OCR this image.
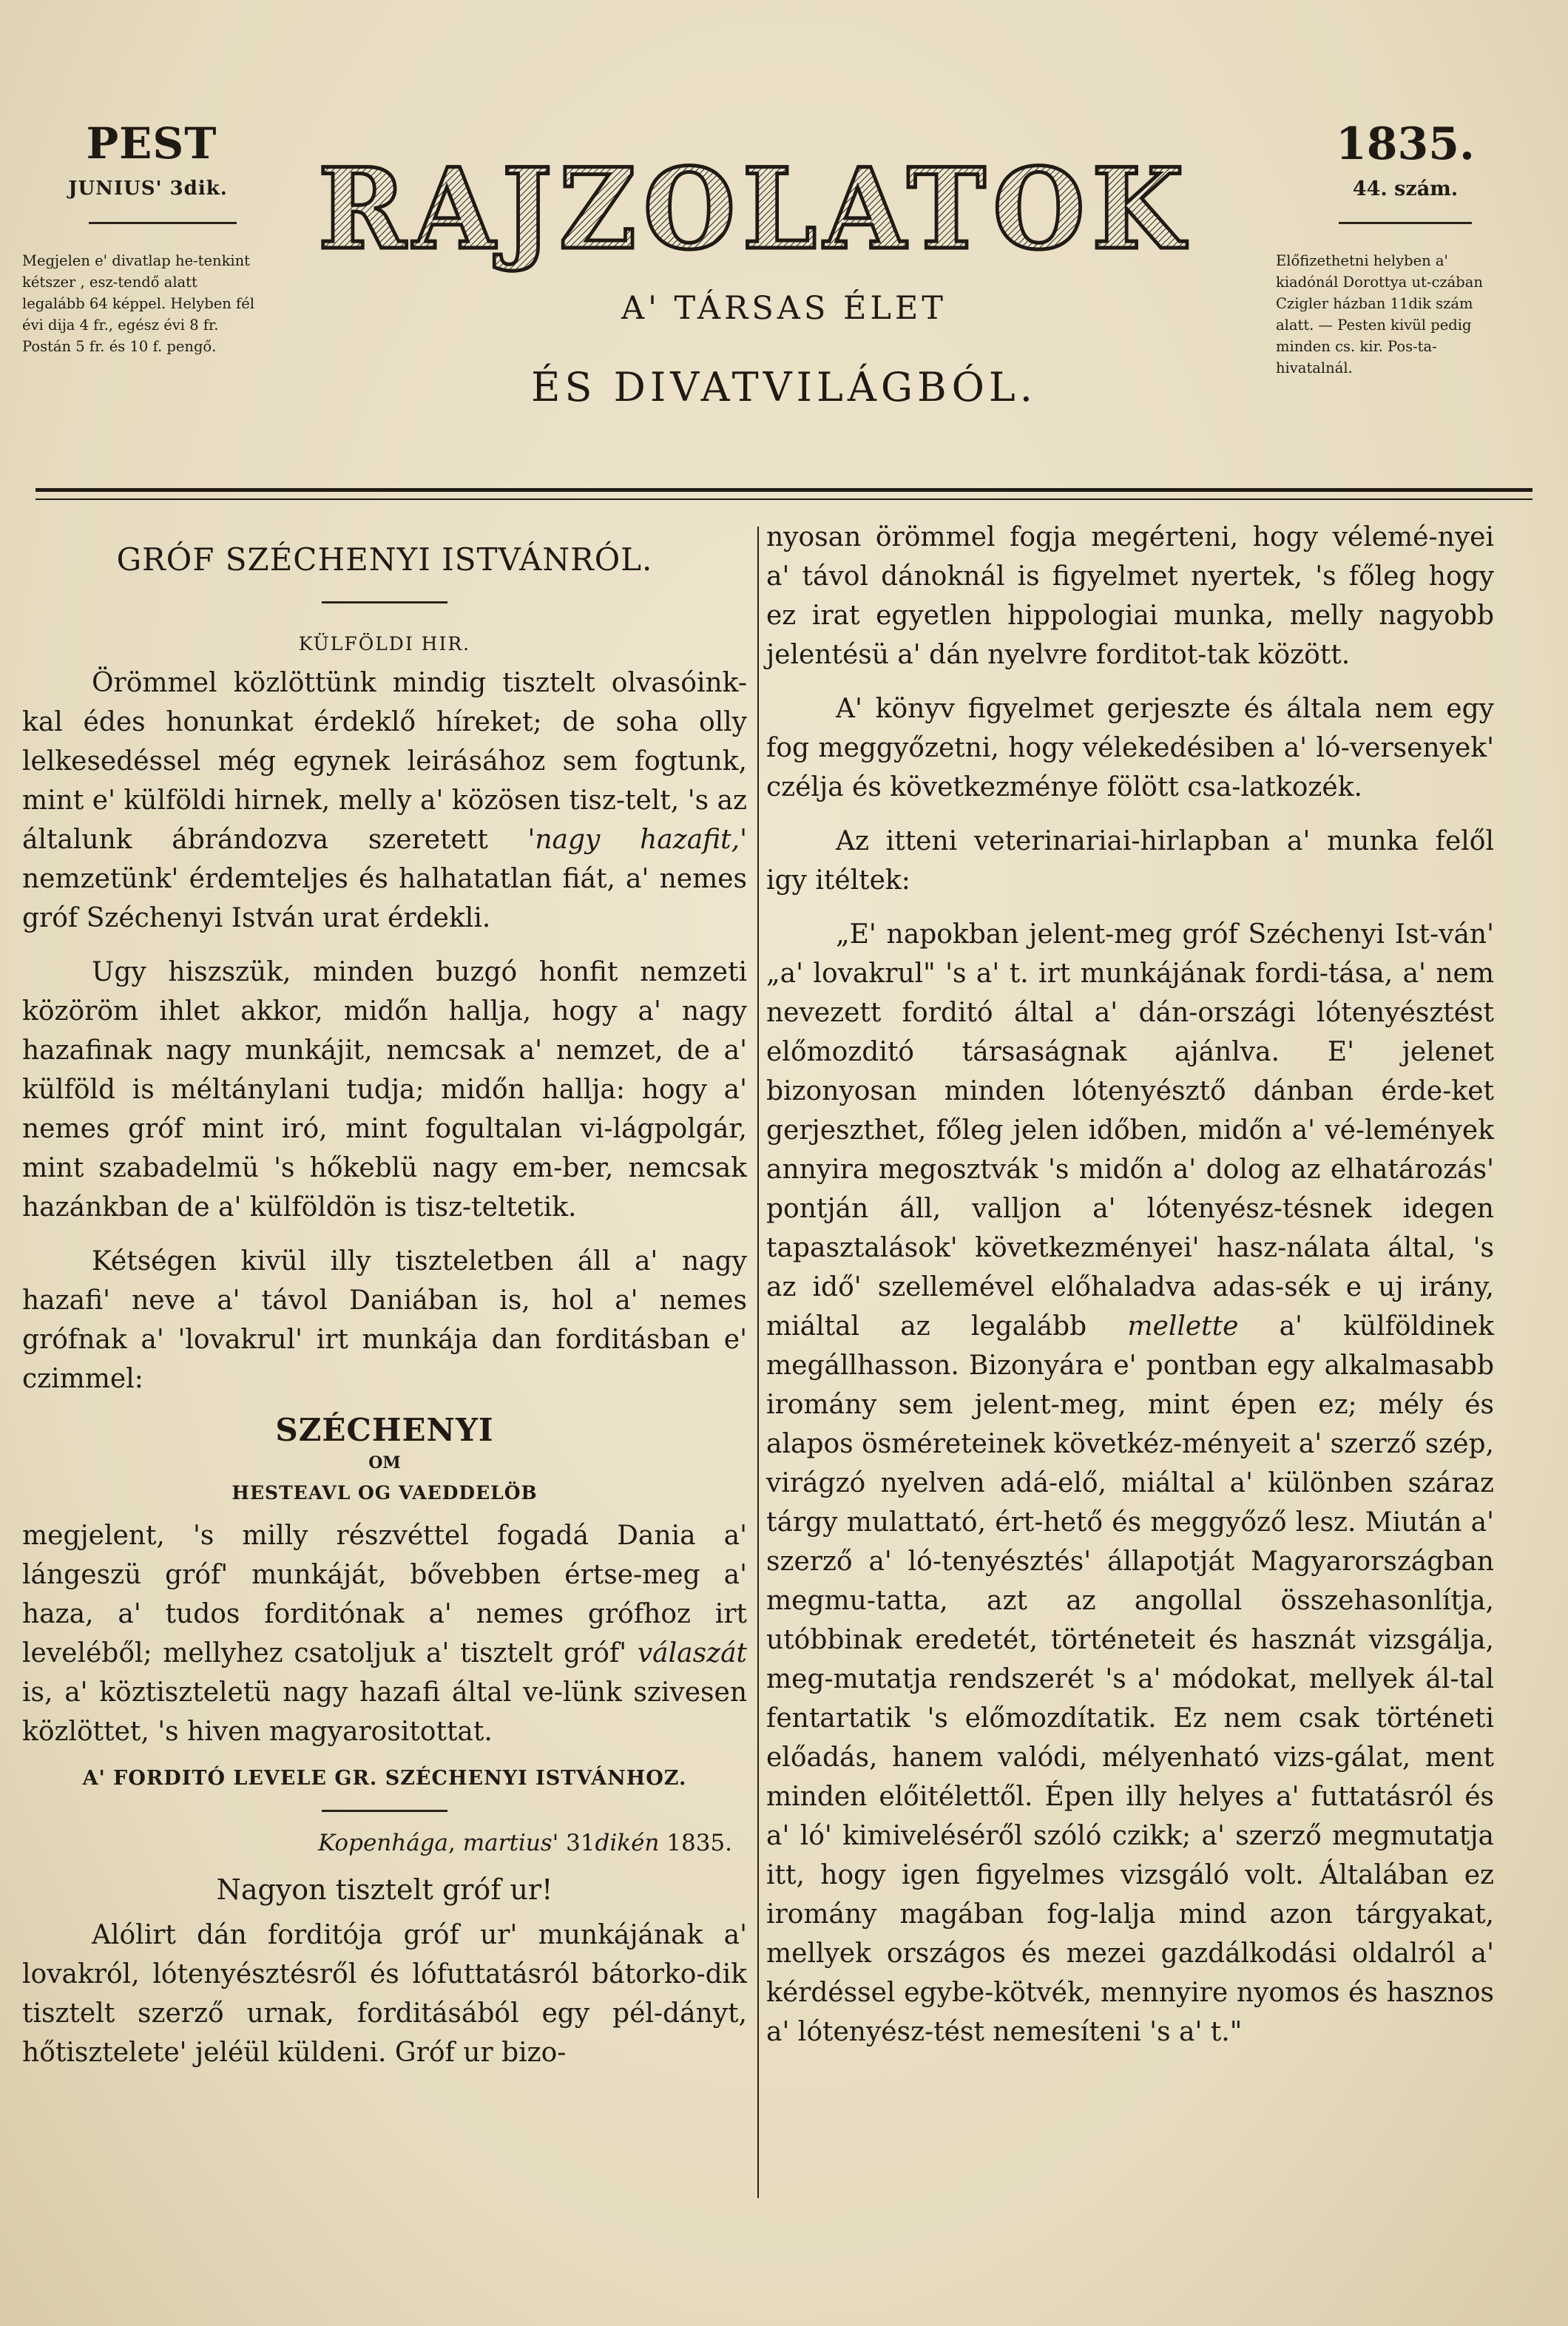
PEST
JUNIUS' 3dik.
Megjelen e' divatlap he-tenkint kétszer , esz-tendő alatt legalább 64 képpel. Helyben fél évi dija 4 fr., egész évi 8 fr. Postán 5 fr. és 10 f. pengő.
RAJZOLATOK
A' TÁRSAS ÉLET
ÉS DIVATVILÁGBÓL.
1835.
44. szám.
Előfizethetni helyben a' kiadónál Dorottya ut-czában Czigler házban 11dik szám alatt. — Pesten kivül pedig minden cs. kir. Pos-ta-hivatalnál.

GRÓF SZÉCHENYI ISTVÁNRÓL.

KÜLFÖLDI HIR.

Örömmel közlöttünk mindig tisztelt olvasóink-kal édes honunkat érdeklő híreket; de soha olly lelkesedéssel még egynek leirásához sem fogtunk, mint e' külföldi hirnek, melly a' közösen tisz-telt, 's az általunk ábrándozva szeretett 'nagy hazafit,' nemzetünk' érdemteljes és halhatatlan fiát, a' nemes gróf Széchenyi István urat érdekli.

Ugy hiszszük, minden buzgó honfit nemzeti közöröm ihlet akkor, midőn hallja, hogy a' nagy hazafinak nagy munkájit, nemcsak a' nemzet, de a' külföld is méltánylani tudja; midőn hallja: hogy a' nemes gróf mint iró, mint fogultalan vi-lágpolgár, mint szabadelmü 's hőkeblü nagy em-ber, nemcsak hazánkban de a' külföldön is tisz-teltetik.

Kétségen kivül illy tiszteletben áll a' nagy hazafi' neve a' távol Daniában is, hol a' nemes grófnak a' 'lovakrul' irt munkája dan forditásban e' czimmel:

SZÉCHENYI

OM

HESTEAVL OG VAEDDELÖB

megjelent, 's milly részvéttel fogadá Dania a' lángeszü gróf' munkáját, bővebben értse-meg a' haza, a' tudos forditónak a' nemes grófhoz irt leveléből; mellyhez csatoljuk a' tisztelt gróf' válaszát is, a' köztiszteletü nagy hazafi által ve-lünk szivesen közlöttet, 's hiven magyarositottat.

A' FORDITÓ LEVELE GR. SZÉCHENYI ISTVÁNHOZ.

Kopenhága, martius' 31dikén 1835.

Nagyon tisztelt gróf ur!

Alólirt dán forditója gróf ur' munkájának a' lovakról, lótenyésztésről és lófuttatásról bátorko-dik tisztelt szerző urnak, forditásából egy pél-dányt, hőtisztelete' jeléül küldeni. Gróf ur bizo-

nyosan örömmel fogja megérteni, hogy vélemé-nyei a' távol dánoknál is figyelmet nyertek, 's főleg hogy ez irat egyetlen hippologiai munka, melly nagyobb jelentésü a' dán nyelvre forditot-tak között.

A' könyv figyelmet gerjeszte és általa nem egy fog meggyőzetni, hogy vélekedésiben a' ló-versenyek' czélja és következménye fölött csa-latkozék.

Az itteni veterinariai-hirlapban a' munka felől igy itéltek:

„E' napokban jelent-meg gróf Széchenyi Ist-ván' „a' lovakrul" 's a' t. irt munkájának fordi-tása, a' nem nevezett forditó által a' dán-országi lótenyésztést előmozditó társaságnak ajánlva. E' jelenet bizonyosan minden lótenyésztő dánban érde-ket gerjeszthet, főleg jelen időben, midőn a' vé-lemények annyira megosztvák 's midőn a' dolog az elhatározás' pontján áll, valljon a' lótenyész-tésnek idegen tapasztalások' következményei' hasz-nálata által, 's az idő' szellemével előhaladva adas-sék e uj irány, miáltal az legalább mellette a' külföldinek megállhasson. Bizonyára e' pontban egy alkalmasabb iromány sem jelent-meg, mint épen ez; mély és alapos ösméreteinek követkéz-ményeit a' szerző szép, virágzó nyelven adá-elő, miáltal a' különben száraz tárgy mulattató, ért-hető és meggyőző lesz. Miután a' szerző a' ló-tenyésztés' állapotját Magyarországban megmu-tatta, azt az angollal összehasonlítja, utóbbinak eredetét, történeteit és hasznát vizsgálja, meg-mutatja rendszerét 's a' módokat, mellyek ál-tal fentartatik 's előmozdítatik. Ez nem csak történeti előadás, hanem valódi, mélyenható vizs-gálat, ment minden előitélettől. Épen illy helyes a' futtatásról és a' ló' kimiveléséről szóló czikk; a' szerző megmutatja itt, hogy igen figyelmes vizsgáló volt. Általában ez iromány magában fog-lalja mind azon tárgyakat, mellyek országos és mezei gazdálkodási oldalról a' kérdéssel egybe-kötvék, mennyire nyomos és hasznos a' lótenyész-tést nemesíteni 's a' t."
